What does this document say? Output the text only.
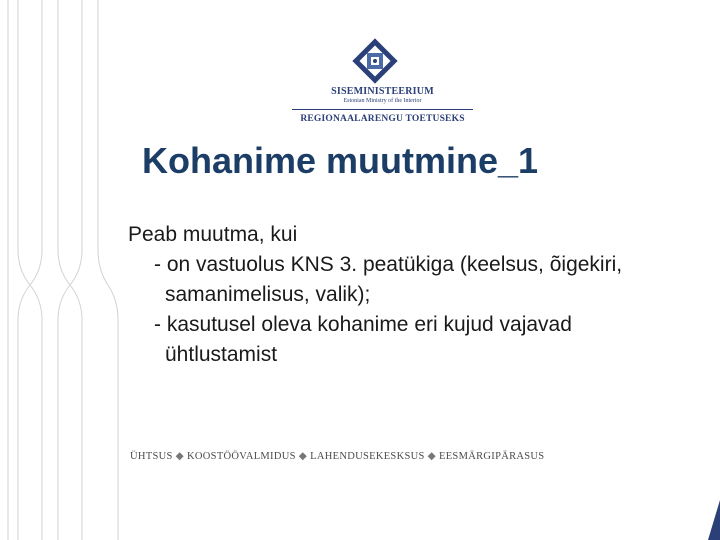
SISEMINISTEERIUM
Estonian Ministry of the Interior
REGIONAALARENGU TOETUSEKS
Kohanime muutmine_1

Peab muutma, kui

- on vastuolus KNS 3. peatükiga (keelsus, õigekiri, samanimelisus, valik);
- kasutusel oleva kohanime eri kujud vajavad ühtlustamist
ÜHTSUS ◆ KOOSTÖÖVALMIDUS ◆ LAHENDUSEKESKSUS ◆ EESMÄRGIPÄRASUS
